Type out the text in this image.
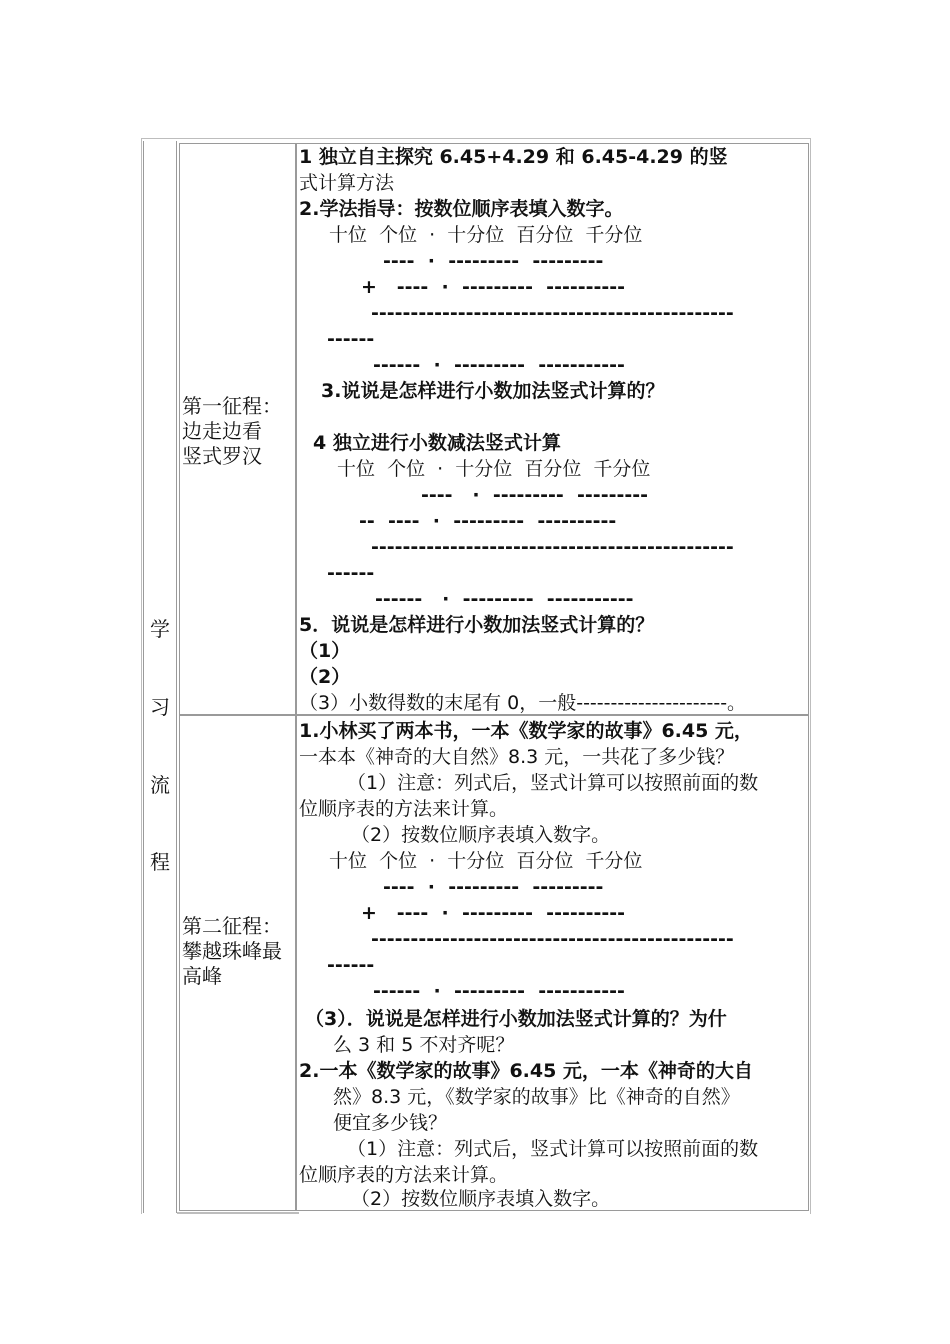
学
习
流
程
第一征程：
边走边看
竖式罗汉
1 独立自主探究 6.45+4.29 和 6.45-4.29 的竖
式计算方法
2.学法指导：按数位顺序表填入数字。
十位  个位  ·  十分位  百分位  千分位
----  ·  ---------  ---------
+   ----  ·  ---------  ----------
----------------------------------------------
------
------  ·  ---------  -----------
3.说说是怎样进行小数加法竖式计算的？
4 独立进行小数减法竖式计算
十位  个位  ·  十分位  百分位  千分位
----   ·  ---------  ---------
--  ----  ·  ---------  ----------
----------------------------------------------
------
------   ·  ---------  -----------
5．说说是怎样进行小数加法竖式计算的？
（1）
（2）
（3）小数得数的末尾有 0，一般----------------------。
第二征程：
攀越珠峰最
高峰
1.小林买了两本书，一本《数学家的故事》6.45 元，
一本本《神奇的大自然》8.3 元，一共花了多少钱？
（1）注意：列式后，竖式计算可以按照前面的数
位顺序表的方法来计算。
（2）按数位顺序表填入数字。
十位  个位  ·  十分位  百分位  千分位
----  ·  ---------  ---------
+   ----  ·  ---------  ----------
----------------------------------------------
------
------  ·  ---------  -----------
（3）．说说是怎样进行小数加法竖式计算的？为什
么 3 和 5 不对齐呢？
2.一本《数学家的故事》6.45 元，一本《神奇的大自
然》8.3 元，《数学家的故事》比《神奇的自然》
便宜多少钱？
（1）注意：列式后，竖式计算可以按照前面的数
位顺序表的方法来计算。
（2）按数位顺序表填入数字。
